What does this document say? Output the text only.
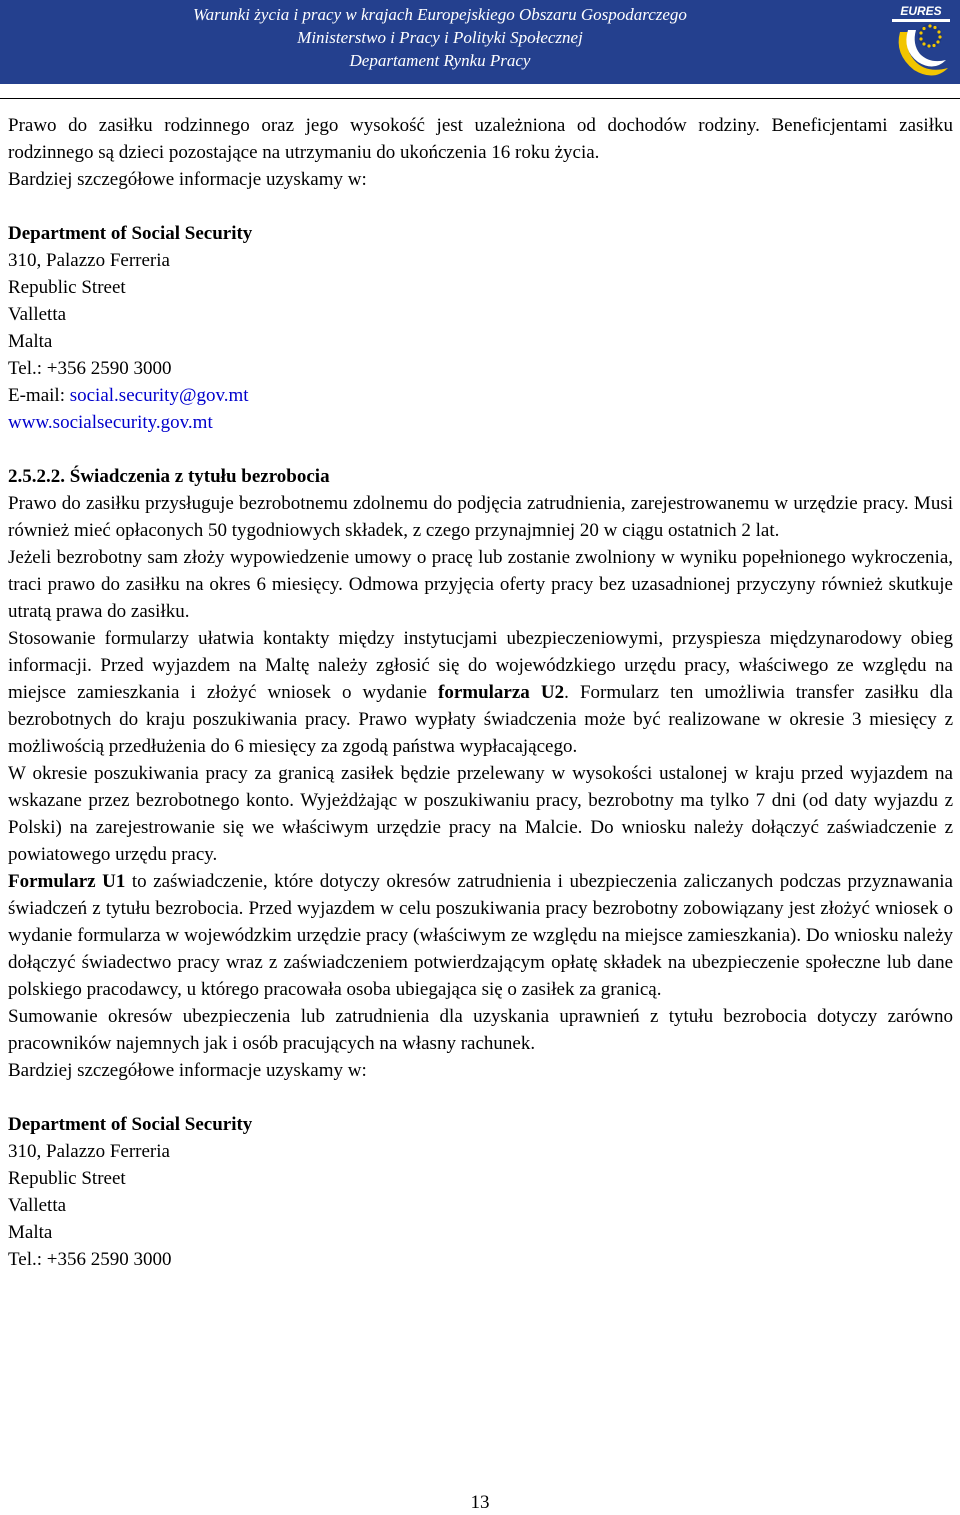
Warunki życia i pracy w krajach Europejskiego Obszaru Gospodarczego
Ministerstwo i Pracy i Polityki Społecznej
Departament Rynku Pracy
EURES

Prawo do zasiłku rodzinnego oraz jego wysokość jest uzależniona od dochodów rodziny. Beneficjentami zasiłku rodzinnego są dzieci pozostające na utrzymaniu do ukończenia 16 roku życia.

Bardziej szczegółowe informacje uzyskamy w:

Department of Social Security

310, Palazzo Ferreria

Republic Street

Valletta

Malta

Tel.: +356 2590 3000

E-mail: social.security@gov.mt

www.socialsecurity.gov.mt

2.5.2.2. Świadczenia z tytułu bezrobocia

Prawo do zasiłku przysługuje bezrobotnemu zdolnemu do podjęcia zatrudnienia, zarejestrowanemu w urzędzie pracy. Musi również mieć opłaconych 50 tygodniowych składek, z czego przynajmniej 20 w ciągu ostatnich 2 lat.

Jeżeli bezrobotny sam złoży wypowiedzenie umowy o pracę lub zostanie zwolniony w wyniku popełnionego wykroczenia, traci prawo do zasiłku na okres 6 miesięcy. Odmowa przyjęcia oferty pracy bez uzasadnionej przyczyny również skutkuje utratą prawa do zasiłku.

Stosowanie formularzy ułatwia kontakty między instytucjami ubezpieczeniowymi, przyspiesza międzynarodowy obieg informacji. Przed wyjazdem na Maltę należy zgłosić się do wojewódzkiego urzędu pracy, właściwego ze względu na miejsce zamieszkania i złożyć wniosek o wydanie formularza U2. Formularz ten umożliwia transfer zasiłku dla bezrobotnych do kraju poszukiwania pracy. Prawo wypłaty świadczenia może być realizowane w okresie 3 miesięcy z możliwością przedłużenia do 6 miesięcy za zgodą państwa wypłacającego.

W okresie poszukiwania pracy za granicą zasiłek będzie przelewany w wysokości ustalonej w kraju przed wyjazdem na wskazane przez bezrobotnego konto. Wyjeżdżając w poszukiwaniu pracy, bezrobotny ma tylko 7 dni (od daty wyjazdu z Polski) na zarejestrowanie się we właściwym urzędzie pracy na Malcie. Do wniosku należy dołączyć zaświadczenie z powiatowego urzędu pracy.

Formularz U1 to zaświadczenie, które dotyczy okresów zatrudnienia i ubezpieczenia zaliczanych podczas przyznawania świadczeń z tytułu bezrobocia. Przed wyjazdem w celu poszukiwania pracy bezrobotny zobowiązany jest złożyć wniosek o wydanie formularza w wojewódzkim urzędzie pracy (właściwym ze względu na miejsce zamieszkania). Do wniosku należy dołączyć świadectwo pracy wraz z zaświadczeniem potwierdzającym opłatę składek na ubezpieczenie społeczne lub dane polskiego pracodawcy, u którego pracowała osoba ubiegająca się o zasiłek za granicą.

Sumowanie okresów ubezpieczenia lub zatrudnienia dla uzyskania uprawnień z tytułu bezrobocia dotyczy zarówno pracowników najemnych jak i osób pracujących na własny rachunek.

Bardziej szczegółowe informacje uzyskamy w:

Department of Social Security

310, Palazzo Ferreria

Republic Street

Valletta

Malta

Tel.: +356 2590 3000

13
